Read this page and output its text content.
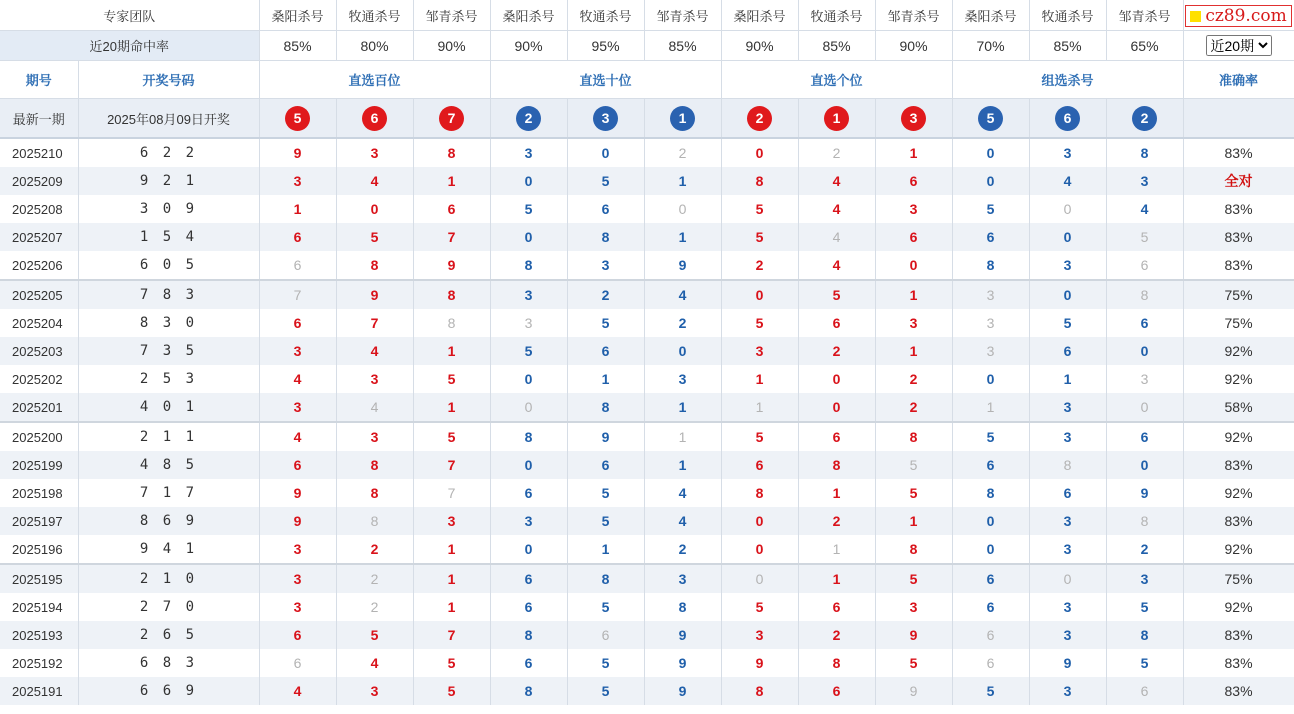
专家团队		桑阳杀号	牧通杀号	邹青杀号	桑阳杀号	牧通杀号	邹青杀号	桑阳杀号	牧通杀号	邹青杀号	桑阳杀号	牧通杀号	邹青杀号	cz89.com

近20期命中率		85%	80%	90%	90%	95%	85%	90%	85%	90%	70%	85%	65%	
近20期
期号	开奖号码	直选百位			直选十位			直选个位			组选杀号			准确率
最新一期	2025年08月09日开奖	5	6	7	2	3	1	2	1	3	5	6	2	
2025210	6 2 2	9	3	8	3	0	2	0	2	1	0	3	8	83%
2025209	9 2 1	3	4	1	0	5	1	8	4	6	0	4	3	全对
2025208	3 0 9	1	0	6	5	6	0	5	4	3	5	0	4	83%
2025207	1 5 4	6	5	7	0	8	1	5	4	6	6	0	5	83%
2025206	6 0 5	6	8	9	8	3	9	2	4	0	8	3	6	83%
2025205	7 8 3	7	9	8	3	2	4	0	5	1	3	0	8	75%
2025204	8 3 0	6	7	8	3	5	2	5	6	3	3	5	6	75%
2025203	7 3 5	3	4	1	5	6	0	3	2	1	3	6	0	92%
2025202	2 5 3	4	3	5	0	1	3	1	0	2	0	1	3	92%
2025201	4 0 1	3	4	1	0	8	1	1	0	2	1	3	0	58%
2025200	2 1 1	4	3	5	8	9	1	5	6	8	5	3	6	92%
2025199	4 8 5	6	8	7	0	6	1	6	8	5	6	8	0	83%
2025198	7 1 7	9	8	7	6	5	4	8	1	5	8	6	9	92%
2025197	8 6 9	9	8	3	3	5	4	0	2	1	0	3	8	83%
2025196	9 4 1	3	2	1	0	1	2	0	1	8	0	3	2	92%
2025195	2 1 0	3	2	1	6	8	3	0	1	5	6	0	3	75%
2025194	2 7 0	3	2	1	6	5	8	5	6	3	6	3	5	92%
2025193	2 6 5	6	5	7	8	6	9	3	2	9	6	3	8	83%
2025192	6 8 3	6	4	5	6	5	9	9	8	5	6	9	5	83%
2025191	6 6 9	4	3	5	8	5	9	8	6	9	5	3	6	83%
